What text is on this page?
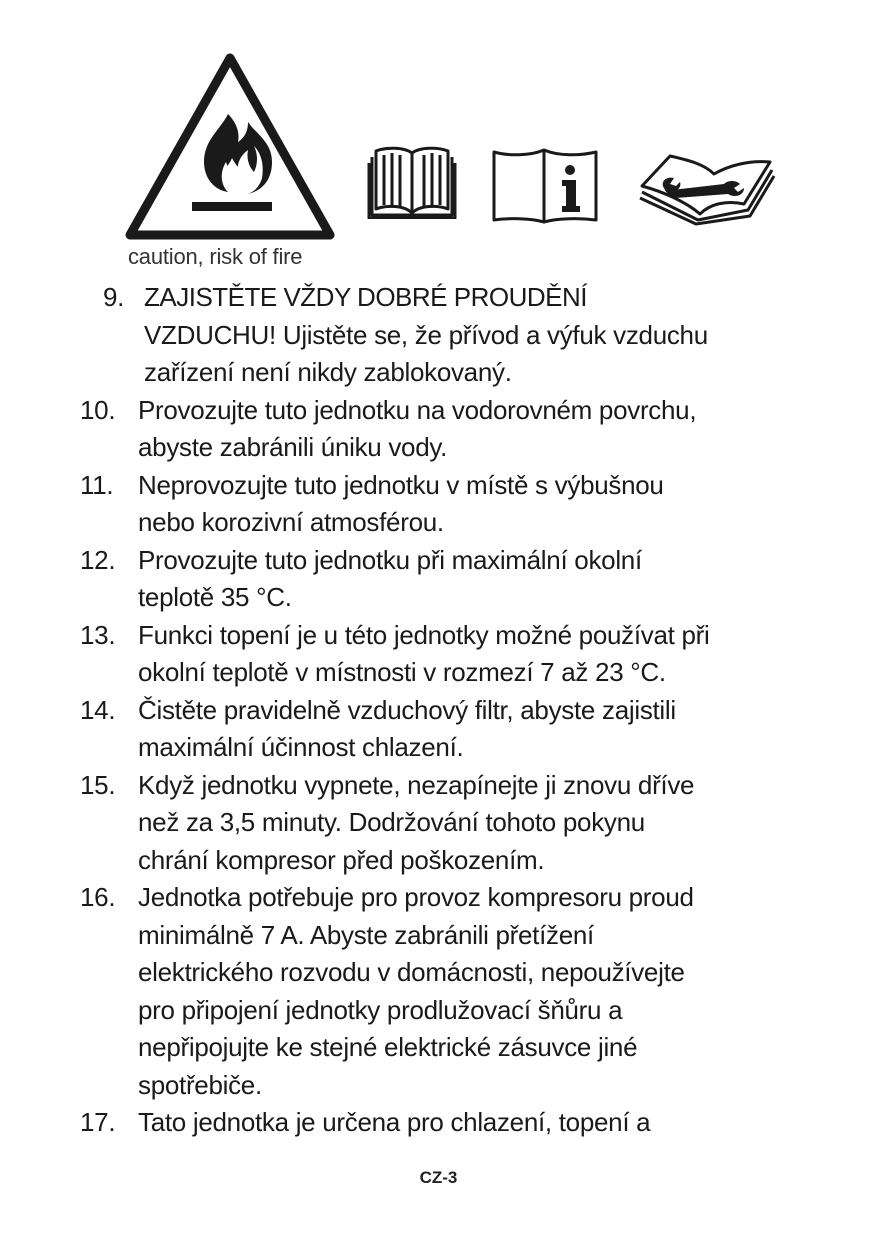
caution, risk of fire
9. ZAJISTĚTE VŽDY DOBRÉ PROUDĚNÍ
VZDUCHU! Ujistěte se, že přívod a výfuk vzduchu
zařízení není nikdy zablokovaný.
10. Provozujte tuto jednotku na vodorovném povrchu,
abyste zabránili úniku vody.
11. Neprovozujte tuto jednotku v místě s výbušnou
nebo korozivní atmosférou.
12. Provozujte tuto jednotku při maximální okolní
teplotě 35 °C.
13. Funkci topení je u této jednotky možné používat při
okolní teplotě v místnosti v rozmezí 7 až 23 °C.
14. Čistěte pravidelně vzduchový filtr, abyste zajistili
maximální účinnost chlazení.
15. Když jednotku vypnete, nezapínejte ji znovu dříve
než za 3,5 minuty. Dodržování tohoto pokynu
chrání kompresor před poškozením.
16. Jednotka potřebuje pro provoz kompresoru proud
minimálně 7 A. Abyste zabránili přetížení
elektrického rozvodu v domácnosti, nepoužívejte
pro připojení jednotky prodlužovací šňůru a
nepřipojujte ke stejné elektrické zásuvce jiné
spotřebiče.
17. Tato jednotka je určena pro chlazení, topení a
CZ-3
